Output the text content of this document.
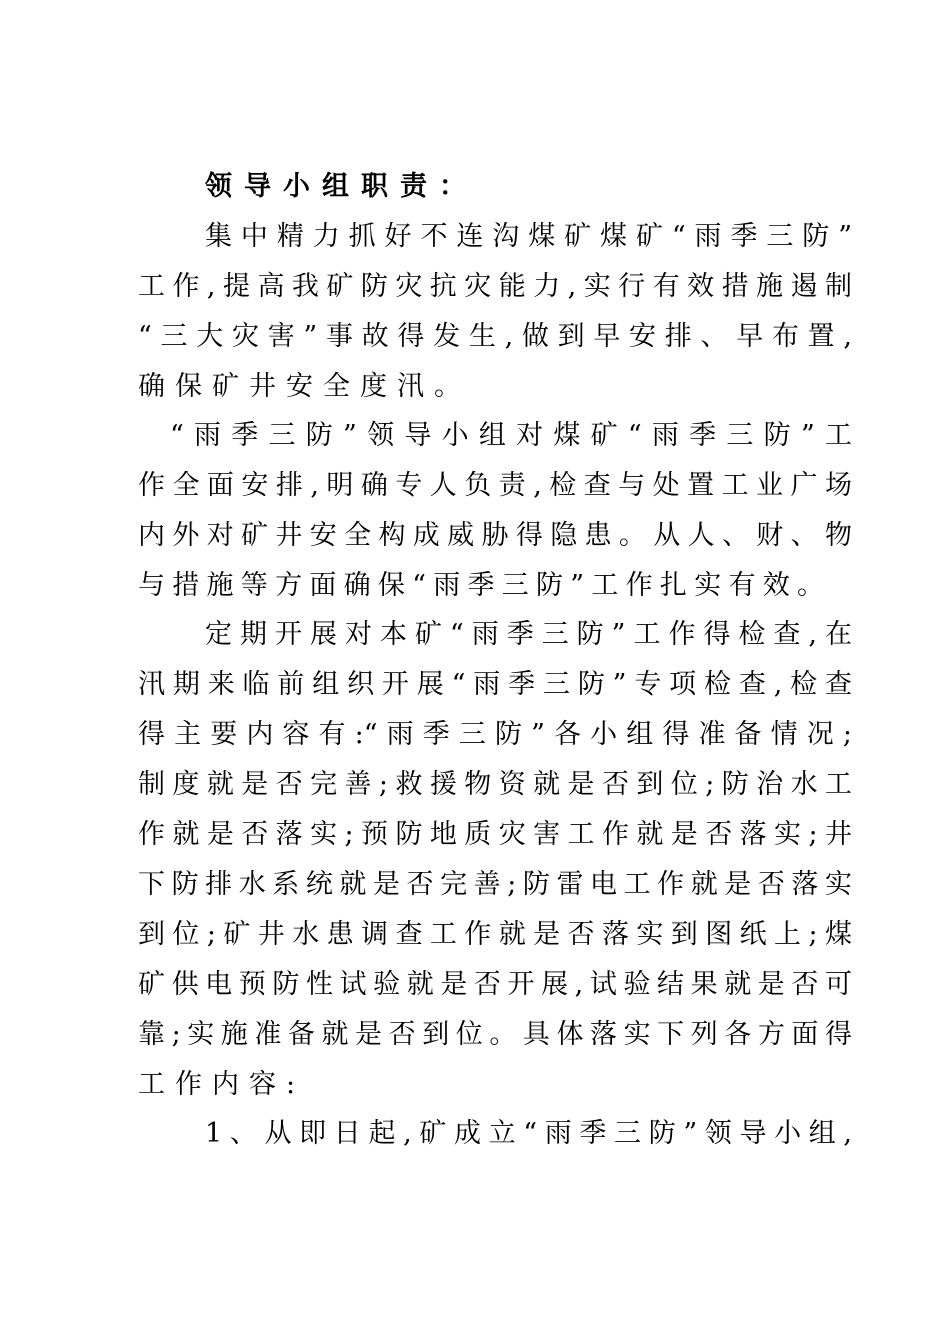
领导小组职责：
集中精力抓好不连沟煤矿煤矿“雨季三防”
工作,提高我矿防灾抗灾能力,实行有效措施遏制
“三大灾害”事故得发生,做到早安排、早布置,
确保矿井安全度汛。
“雨季三防”领导小组对煤矿“雨季三防”工
作全面安排,明确专人负责,检查与处置工业广场
内外对矿井安全构成威胁得隐患。从人、财、物
与措施等方面确保“雨季三防”工作扎实有效。
定期开展对本矿“雨季三防”工作得检查,在
汛期来临前组织开展“雨季三防”专项检查,检查
得主要内容有:“雨季三防”各小组得准备情况;
制度就是否完善;救援物资就是否到位;防治水工
作就是否落实;预防地质灾害工作就是否落实;井
下防排水系统就是否完善;防雷电工作就是否落实
到位;矿井水患调查工作就是否落实到图纸上;煤
矿供电预防性试验就是否开展,试验结果就是否可
靠;实施准备就是否到位。具体落实下列各方面得
工作内容:
1、从即日起,矿成立“雨季三防”领导小组,
